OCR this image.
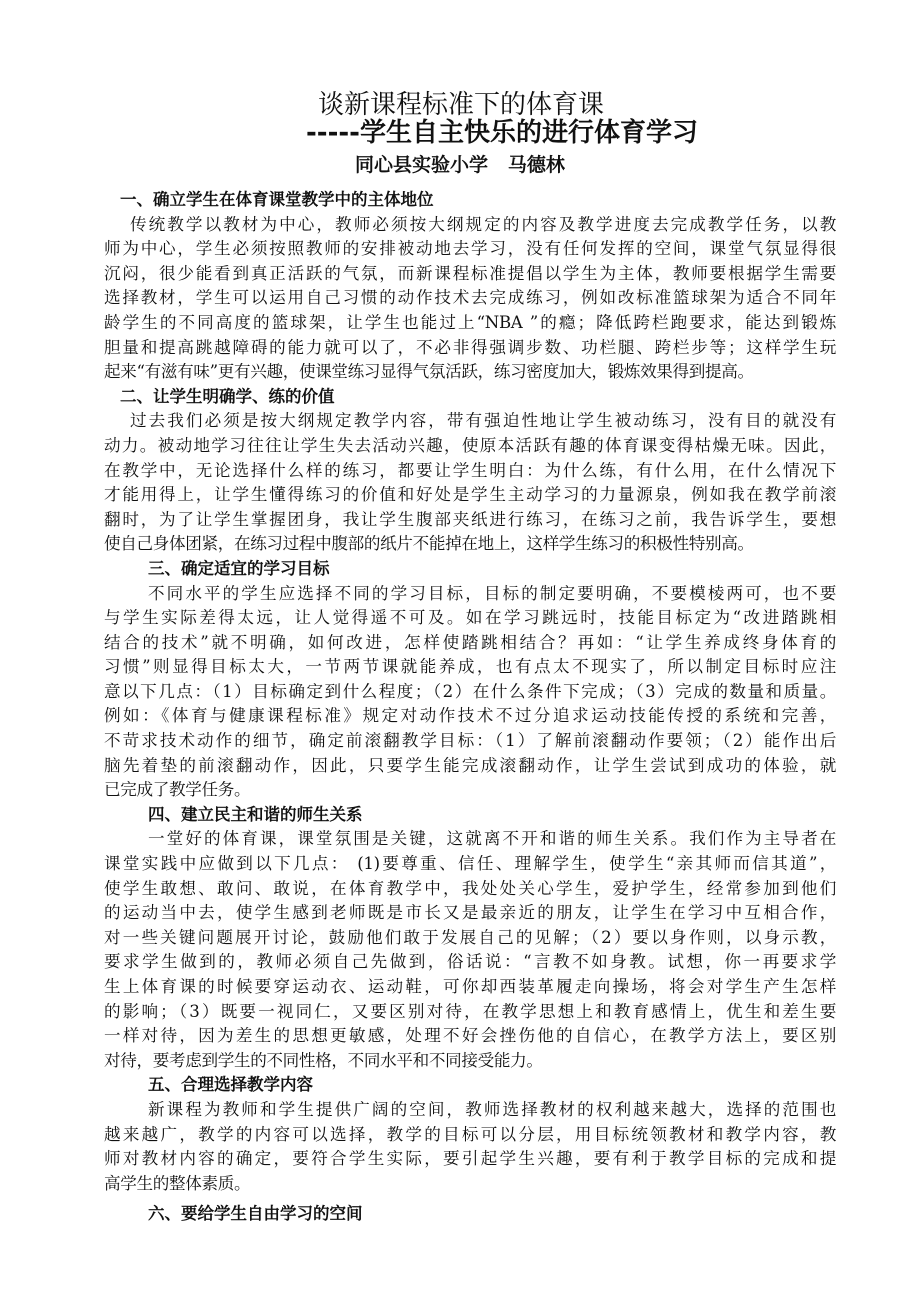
谈新课程标准下的体育课
-----学生自主快乐的进行体育学习
同心县实验小学   马德林
一、确立学生在体育课堂教学中的主体地位
传统教学以教材为中心，教师必须按大纲规定的内容及教学进度去完成教学任务，以教
师为中心，学生必须按照教师的安排被动地去学习，没有任何发挥的空间，课堂气氛显得很
沉闷，很少能看到真正活跃的气氛，而新课程标准提倡以学生为主体，教师要根据学生需要
选择教材，学生可以运用自己习惯的动作技术去完成练习，例如改标准篮球架为适合不同年
龄学生的不同高度的篮球架，让学生也能过上“NBA ”的瘾；降低跨栏跑要求，能达到锻炼
胆量和提高跳越障碍的能力就可以了，不必非得强调步数、功栏腿、跨栏步等；这样学生玩
起来“有滋有味”更有兴趣，使课堂练习显得气氛活跃，练习密度加大，锻炼效果得到提高。
二、让学生明确学、练的价值
过去我们必须是按大纲规定教学内容，带有强迫性地让学生被动练习，没有目的就没有
动力。被动地学习往往让学生失去活动兴趣，使原本活跃有趣的体育课变得枯燥无味。因此，
在教学中，无论选择什么样的练习，都要让学生明白：为什么练，有什么用，在什么情况下
才能用得上，让学生懂得练习的价值和好处是学生主动学习的力量源泉，例如我在教学前滚
翻时，为了让学生掌握团身，我让学生腹部夹纸进行练习，在练习之前，我告诉学生，要想
使自己身体团紧，在练习过程中腹部的纸片不能掉在地上，这样学生练习的积极性特别高。
三、确定适宜的学习目标
不同水平的学生应选择不同的学习目标，目标的制定要明确，不要模棱两可，也不要
与学生实际差得太远，让人觉得遥不可及。如在学习跳远时，技能目标定为“改进踏跳相
结合的技术”就不明确，如何改进，怎样使踏跳相结合？再如：“让学生养成终身体育的
习惯”则显得目标太大，一节两节课就能养成，也有点太不现实了，所以制定目标时应注
意以下几点：（1）目标确定到什么程度；（2）在什么条件下完成；（3）完成的数量和质量。
例如：《体育与健康课程标准》规定对动作技术不过分追求运动技能传授的系统和完善，
不苛求技术动作的细节，确定前滚翻教学目标：（1）了解前滚翻动作要领；（2）能作出后
脑先着垫的前滚翻动作，因此，只要学生能完成滚翻动作，让学生尝试到成功的体验，就
已完成了教学任务。
四、建立民主和谐的师生关系
一堂好的体育课，课堂氛围是关键，这就离不开和谐的师生关系。我们作为主导者在
课堂实践中应做到以下几点： (1)要尊重、信任、理解学生，使学生“亲其师而信其道”，
使学生敢想、敢问、敢说，在体育教学中，我处处关心学生，爱护学生，经常参加到他们
的运动当中去，使学生感到老师既是市长又是最亲近的朋友，让学生在学习中互相合作，
对一些关键问题展开讨论，鼓励他们敢于发展自己的见解；（2）要以身作则，以身示教，
要求学生做到的，教师必须自己先做到，俗话说：“言教不如身教。试想，你一再要求学
生上体育课的时候要穿运动衣、运动鞋，可你却西装革履走向操场，将会对学生产生怎样
的影响；（3）既要一视同仁，又要区别对待，在教学思想上和教育感情上，优生和差生要
一样对待，因为差生的思想更敏感，处理不好会挫伤他的自信心，在教学方法上，要区别
对待，要考虑到学生的不同性格，不同水平和不同接受能力。
五、合理选择教学内容
新课程为教师和学生提供广阔的空间，教师选择教材的权利越来越大，选择的范围也
越来越广，教学的内容可以选择，教学的目标可以分层，用目标统领教材和教学内容，教
师对教材内容的确定，要符合学生实际，要引起学生兴趣，要有利于教学目标的完成和提
高学生的整体素质。
六、要给学生自由学习的空间
